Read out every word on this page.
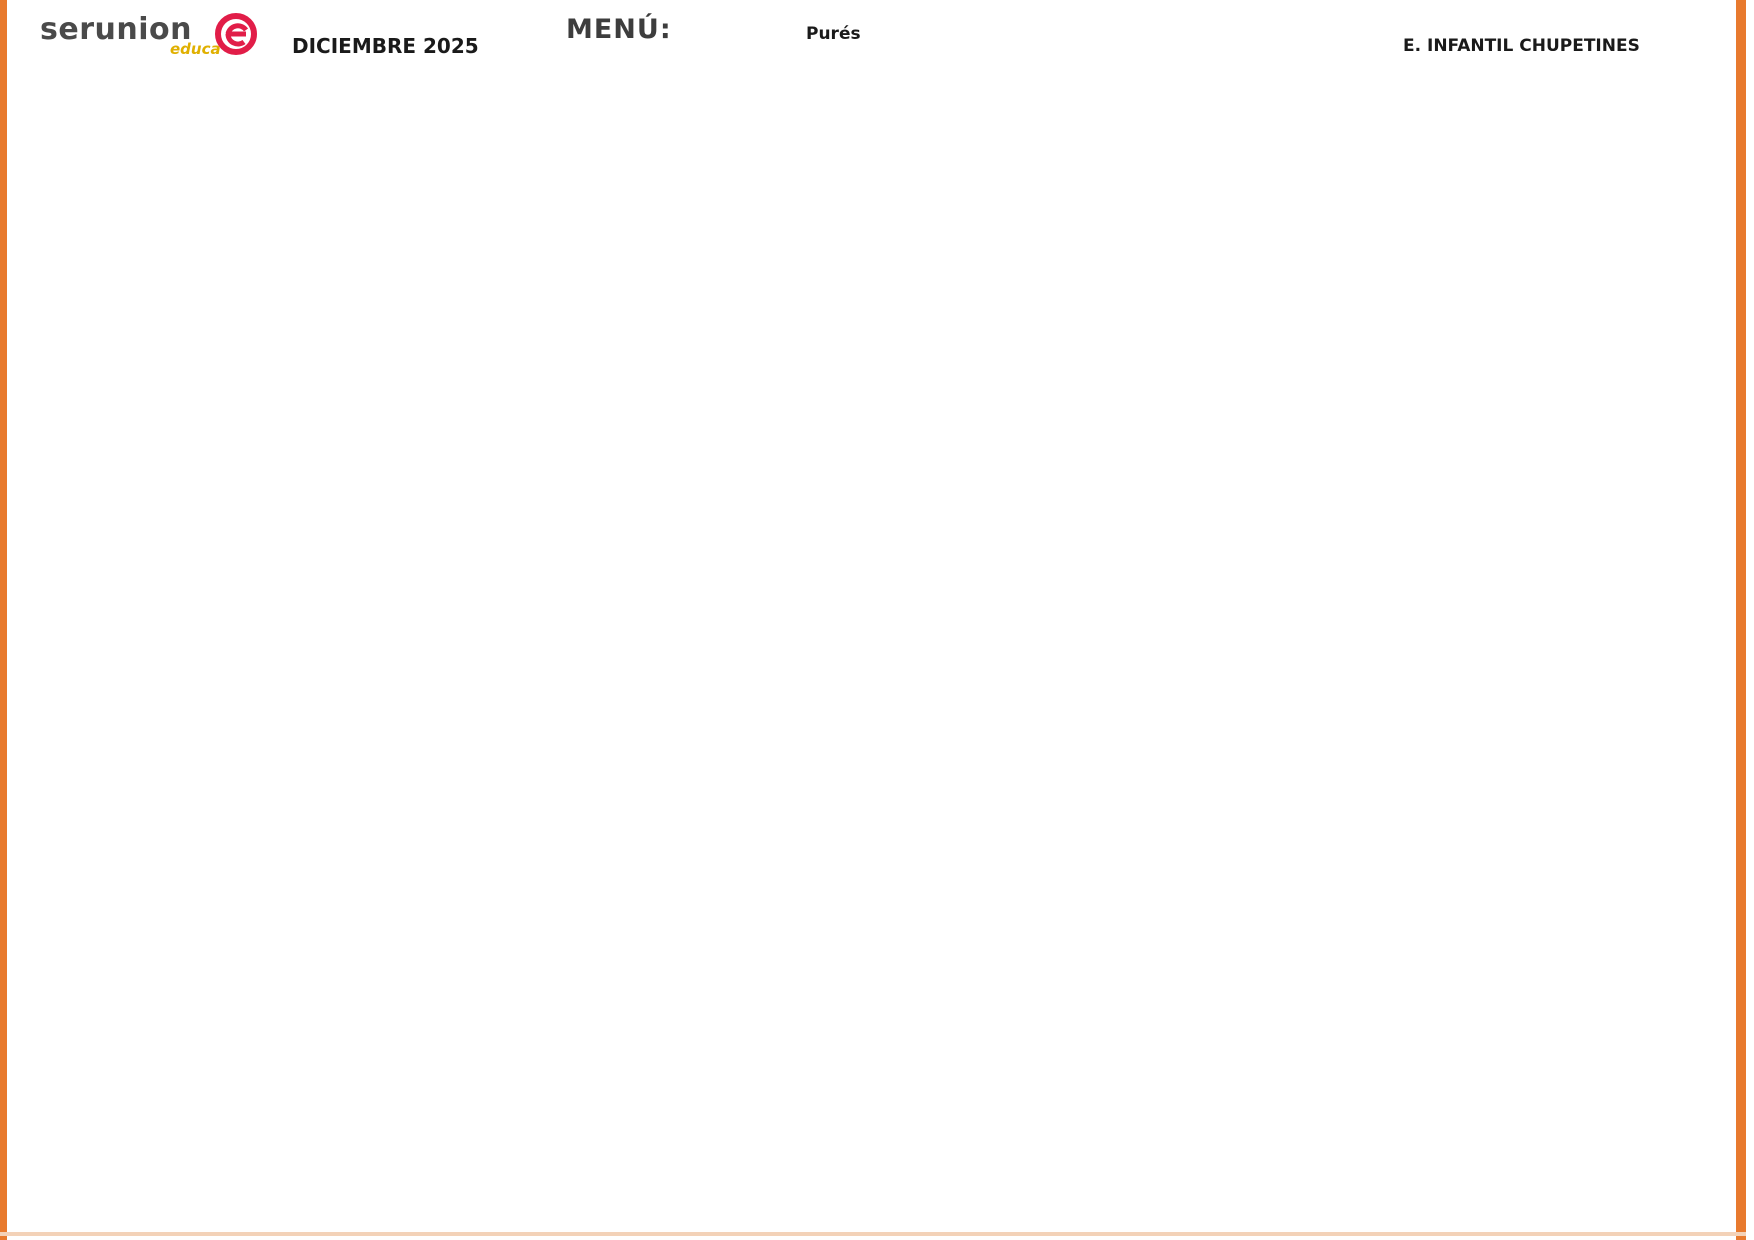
serunion
educa	DICIEMBRE 2025
MENÚ:	Purés
E. INFANTIL CHUPETINES
